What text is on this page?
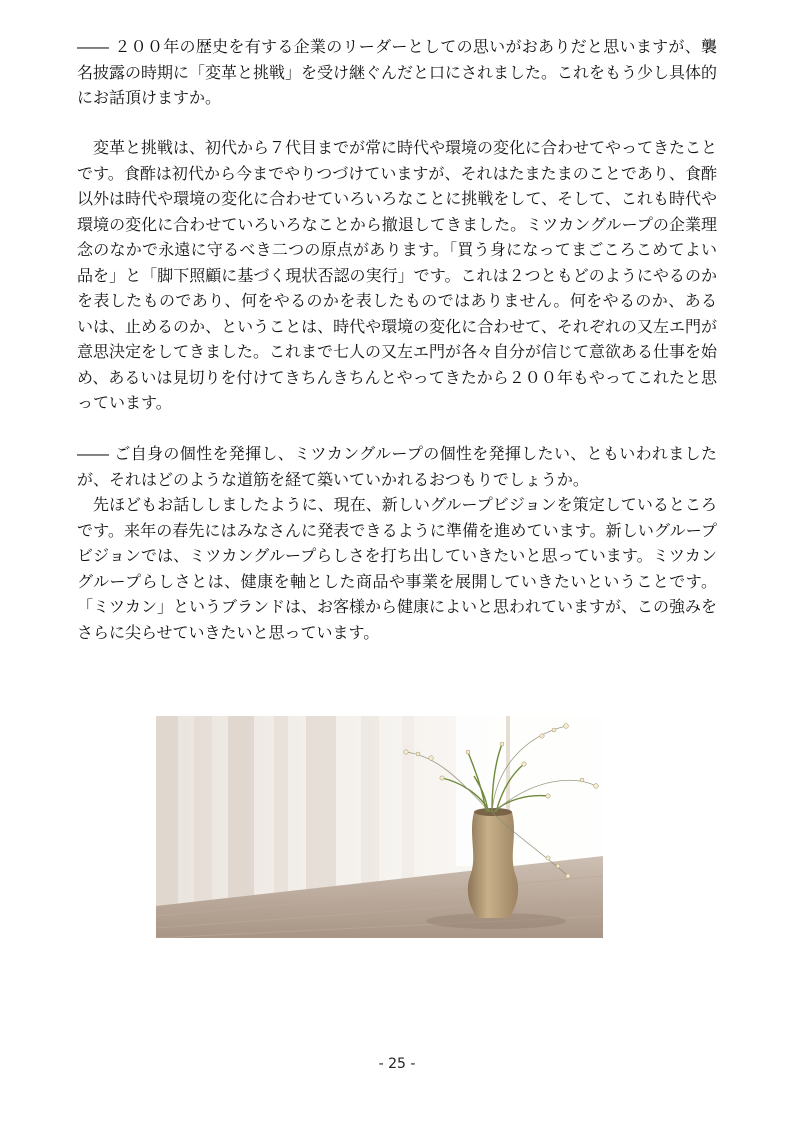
―― ２００年の歴史を有する企業のリーダーとしての思いがおありだと思いますが、襲名披露の時期に「変革と挑戦」を受け継ぐんだと口にされました。これをもう少し具体的にお話頂けますか。

　変革と挑戦は、初代から７代目までが常に時代や環境の変化に合わせてやってきたことです。食酢は初代から今までやりつづけていますが、それはたまたまのことであり、食酢以外は時代や環境の変化に合わせていろいろなことに挑戦をして、そして、これも時代や環境の変化に合わせていろいろなことから撤退してきました。ミツカングループの企業理念のなかで永遠に守るべき二つの原点があります。「買う身になってまごころこめてよい品を」と「脚下照顧に基づく現状否認の実行」です。これは２つともどのようにやるのかを表したものであり、何をやるのかを表したものではありません。何をやるのか、あるいは、止めるのか、ということは、時代や環境の変化に合わせて、それぞれの又左エ門が意思決定をしてきました。これまで七人の又左エ門が各々自分が信じて意欲ある仕事を始め、あるいは見切りを付けてきちんきちんとやってきたから２００年もやってこれたと思っています。

―― ご自身の個性を発揮し、ミツカングループの個性を発揮したい、ともいわれましたが、それはどのような道筋を経て築いていかれるおつもりでしょうか。
　先ほどもお話ししましたように、現在、新しいグループビジョンを策定しているところです。来年の春先にはみなさんに発表できるように準備を進めています。新しいグループビジョンでは、ミツカングループらしさを打ち出していきたいと思っています。ミツカングループらしさとは、健康を軸とした商品や事業を展開していきたいということです。「ミツカン」というブランドは、お客様から健康によいと思われていますが、この強みをさらに尖らせていきたいと思っています。

- 25 -
